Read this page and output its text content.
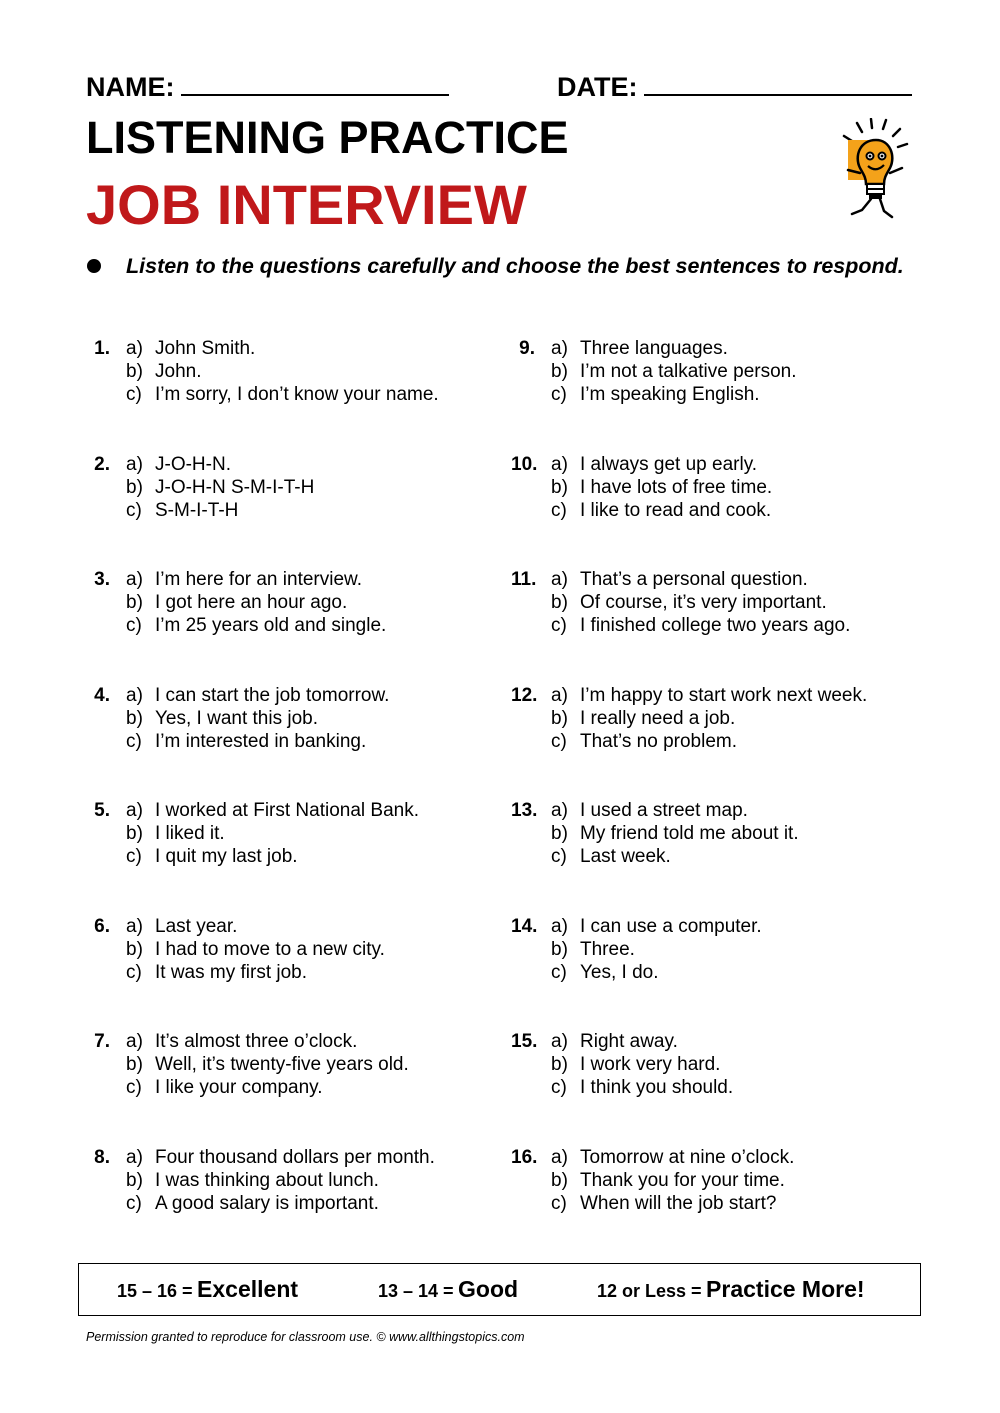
NAME:	DATE:
LISTENING PRACTICE
JOB INTERVIEW
Listen to the questions carefully and choose the best sentences to respond.
1. a) John Smith.
b) John.
c) I’m sorry, I don’t know your name.
2. a) J-O-H-N.
b) J-O-H-N S-M-I-T-H
c) S-M-I-T-H
3. a) I’m here for an interview.
b) I got here an hour ago.
c) I’m 25 years old and single.
4. a) I can start the job tomorrow.
b) Yes, I want this job.
c) I’m interested in banking.
5. a) I worked at First National Bank.
b) I liked it.
c) I quit my last job.
6. a) Last year.
b) I had to move to a new city.
c) It was my first job.
7. a) It’s almost three o’clock.
b) Well, it’s twenty-five years old.
c) I like your company.
8. a) Four thousand dollars per month.
b) I was thinking about lunch.
c) A good salary is important.
9. a) Three languages.
b) I’m not a talkative person.
c) I’m speaking English.
10. a) I always get up early.
b) I have lots of free time.
c) I like to read and cook.
11. a) That’s a personal question.
b) Of course, it’s very important.
c) I finished college two years ago.
12. a) I’m happy to start work next week.
b) I really need a job.
c) That’s no problem.
13. a) I used a street map.
b) My friend told me about it.
c) Last week.
14. a) I can use a computer.
b) Three.
c) Yes, I do.
15. a) Right away.
b) I work very hard.
c) I think you should.
16. a) Tomorrow at nine o’clock.
b) Thank you for your time.
c) When will the job start?
15 – 16 = Excellent	13 – 14 = Good	12 or Less = Practice More!
Permission granted to reproduce for classroom use. © www.allthingstopics.com
